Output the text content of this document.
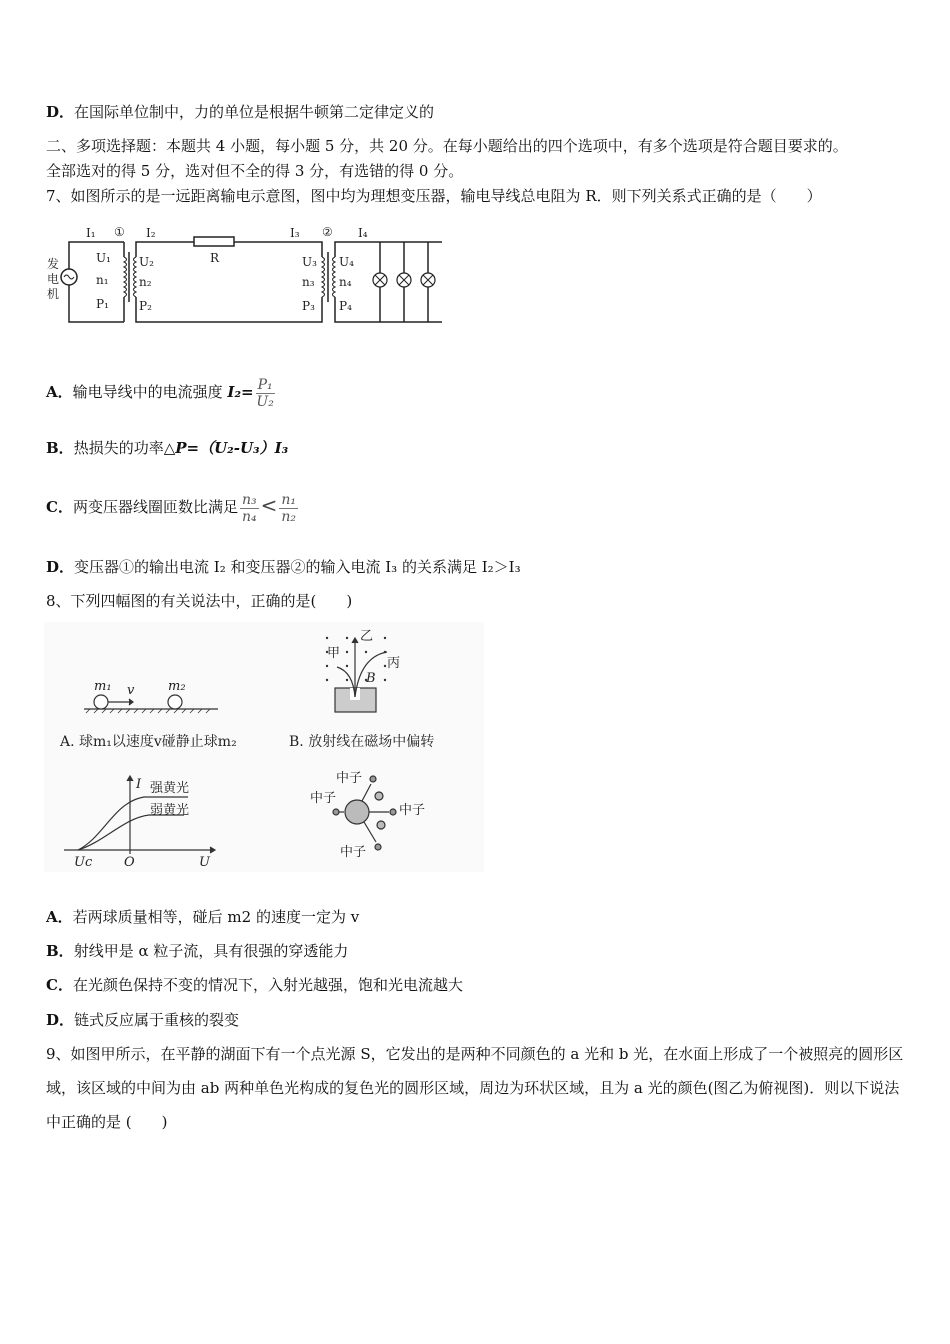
D．在国际单位制中，力的单位是根据牛顿第二定律定义的
二、多项选择题：本题共 4 小题，每小题 5 分，共 20 分。在每小题给出的四个选项中，有多个选项是符合题目要求的。
全部选对的得 5 分，选对但不全的得 3 分，有选错的得 0 分。
7、如图所示的是一远距离输电示意图，图中均为理想变压器，输电导线总电阻为 R．则下列关系式正确的是（　　）
I₁ ① I₂
R
I₃ ② I₄
发
电
机
U₁
n₁
P₁
U₂
n₂
P₂
U₃
n₃
P₃
U₄
n₄
P₄
A．输电导线中的电流强度 $I_2= \frac{\text{P₁}}{\text{U₂}}$
B．热损失的功率△P=（U₂-U₃）I₃
C．两变压器线圈匝数比满足 $\frac{\text{n₃}}{\text{n₄}} < \frac{\text{n₁}}{\text{n₂}}$
D．变压器①的输出电流 I₂ 和变压器②的输入电流 I₃ 的关系满足 I₂＞I₃
8、下列四幅图的有关说法中，正确的是(　　)
m₁ v	m₂
A. 球m₁以速度v碰静止球m₂
乙
甲
丙
B
B. 放射线在磁场中偏转
I 强黄光
弱黄光
Uc O	U
中子
中子
中子
中子
A．若两球质量相等，碰后 m2 的速度一定为 v
B．射线甲是 α 粒子流，具有很强的穿透能力
C．在光颜色保持不变的情况下，入射光越强，饱和光电流越大
D．链式反应属于重核的裂变
9、如图甲所示，在平静的湖面下有一个点光源 S，它发出的是两种不同颜色的 a 光和 b 光，在水面上形成了一个被照亮的圆形区域，该区域的中间为由 ab 两种单色光构成的复色光的圆形区域，周边为环状区域，且为 a 光的颜色(图乙为俯视图)．则以下说法中正确的是 (　　)
